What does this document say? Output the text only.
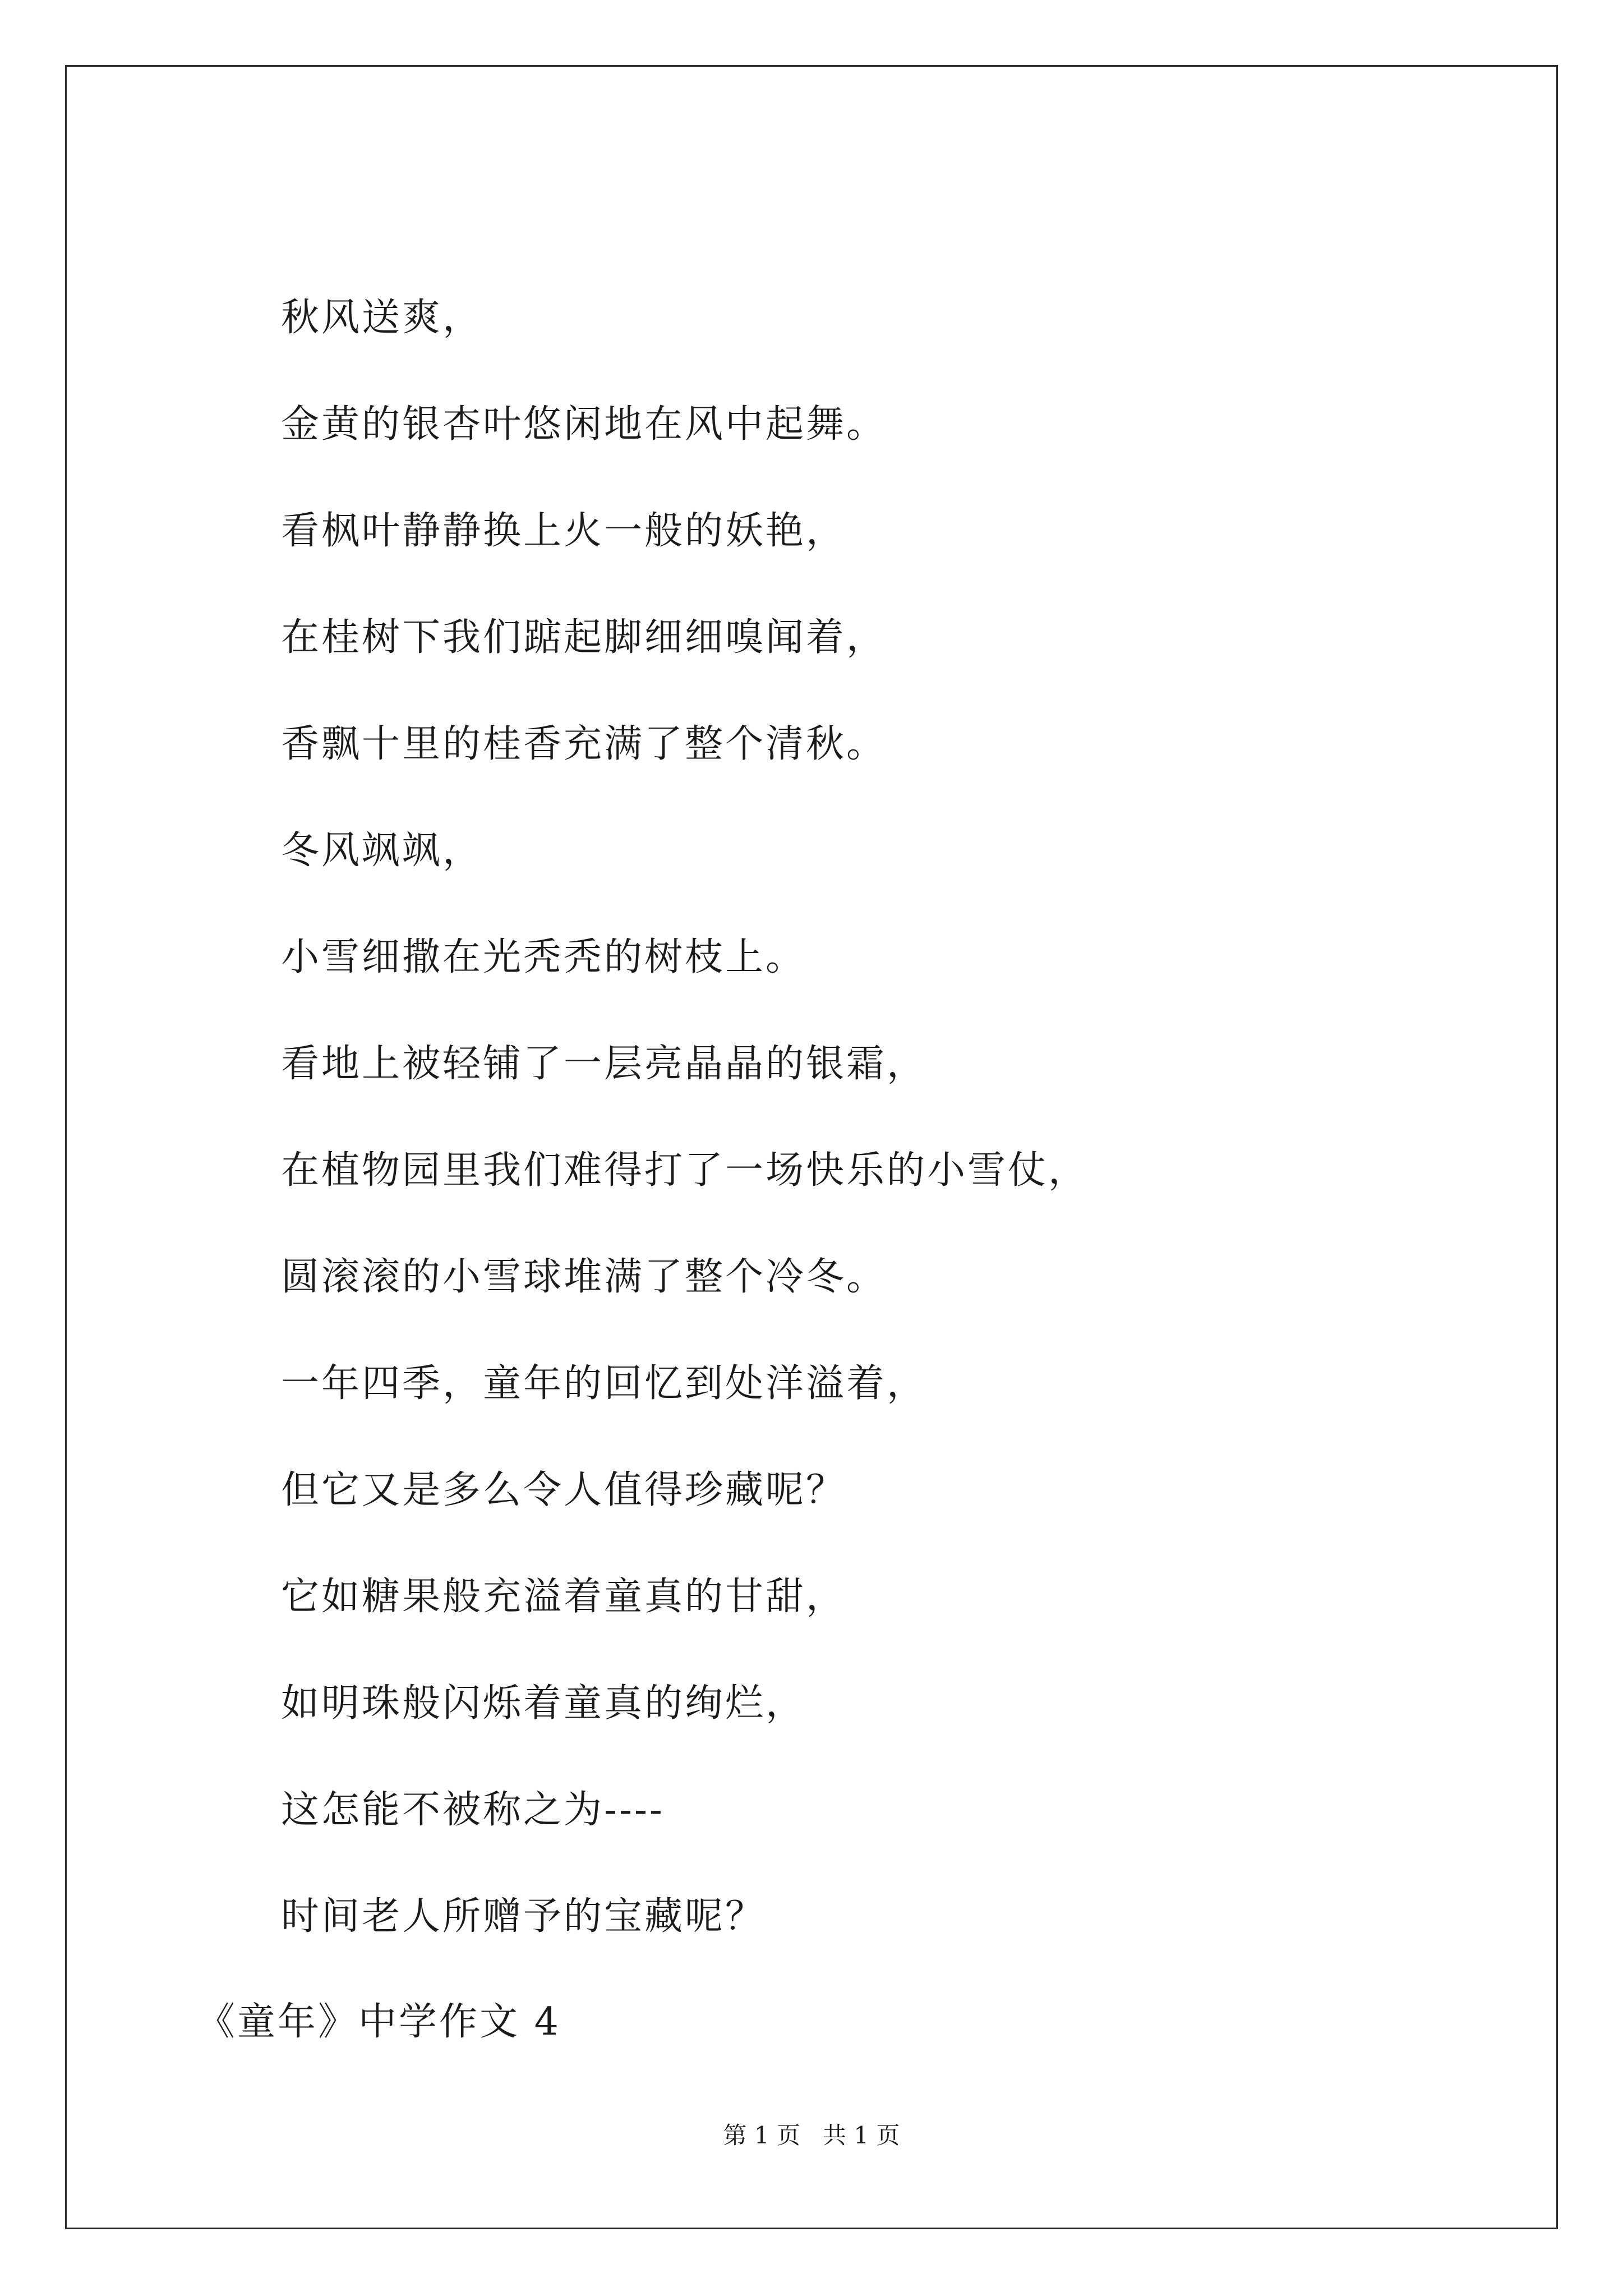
秋风送爽，
金黄的银杏叶悠闲地在风中起舞。
看枫叶静静换上火一般的妖艳，
在桂树下我们踮起脚细细嗅闻着，
香飘十里的桂香充满了整个清秋。
冬风飒飒，
小雪细撒在光秃秃的树枝上。
看地上被轻铺了一层亮晶晶的银霜，
在植物园里我们难得打了一场快乐的小雪仗，
圆滚滚的小雪球堆满了整个冷冬。
一年四季，童年的回忆到处洋溢着，
但它又是多么令人值得珍藏呢？
它如糖果般充溢着童真的甘甜，
如明珠般闪烁着童真的绚烂，
这怎能不被称之为----
时间老人所赠予的宝藏呢？
《童年》中学作文 4
第 1 页   共 1 页
